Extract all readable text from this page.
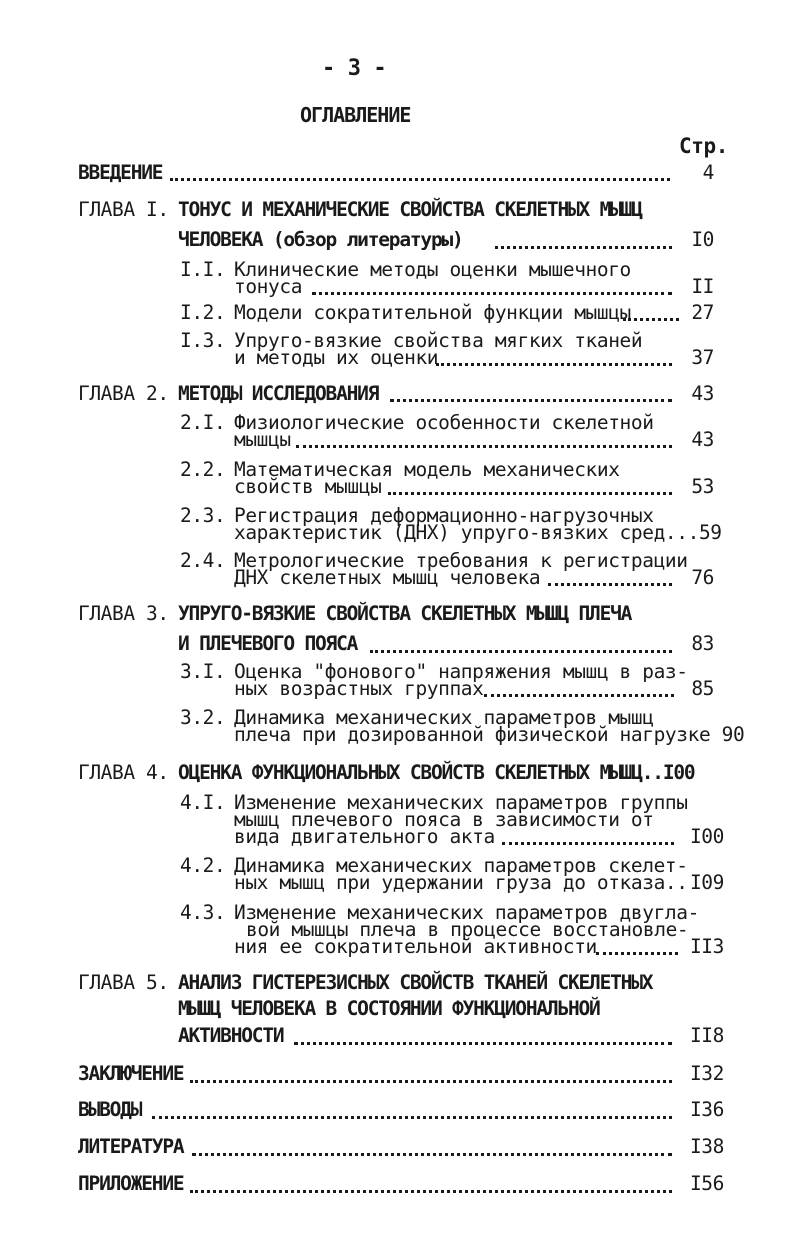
- 3 -
ОГЛАВЛЕНИЕ
Стр.
ВВЕДЕНИЕ	4
ГЛАВА I. ТОНУС И МЕХАНИЧЕСКИЕ СВОЙСТВА СКЕЛЕТНЫХ МЫШЦ
ЧЕЛОВЕКА (обзор литературы)	I0
I.I. Клинические методы оценки мышечного
тонуса	II
I.2. Модели сократительной функции мышцы	27
I.3. Упруго-вязкие свойства мягких тканей
и методы их оценки	37
ГЛАВА 2. МЕТОДЫ ИССЛЕДОВАНИЯ	43
2.I. Физиологические особенности скелетной
мышцы	43
2.2. Математическая модель механических
свойств мышцы	53
2.3. Регистрация деформационно-нагрузочных
характеристик (ДНХ) упруго-вязких сред...59
2.4. Метрологические требования к регистрации
ДНХ скелетных мышц человека	76
ГЛАВА 3. УПРУГО-ВЯЗКИЕ СВОЙСТВА СКЕЛЕТНЫХ МЫШЦ ПЛЕЧА
И ПЛЕЧЕВОГО ПОЯСА	83
3.I. Оценка "фонового" напряжения мышц в раз-
ных возрастных группах	85
3.2. Динамика механических параметров мышц
плеча при дозированной физической нагрузке 90
ГЛАВА 4. ОЦЕНКА ФУНКЦИОНАЛЬНЫХ СВОЙСТВ СКЕЛЕТНЫХ МЫШЦ..I00
4.I. Изменение механических параметров группы
мышц плечевого пояса в зависимости от
вида двигательного акта	I00
4.2. Динамика механических параметров скелет-
ных мышц при удержании груза до отказа.. I09
4.3. Изменение механических параметров двугла-
вой мышцы плеча в процессе восстановле-
ния ее сократительной активности	II3
ГЛАВА 5. АНАЛИЗ ГИСТЕРЕЗИСНЫХ СВОЙСТВ ТКАНЕЙ СКЕЛЕТНЫХ
МЫШЦ ЧЕЛОВЕКА В СОСТОЯНИИ ФУНКЦИОНАЛЬНОЙ
АКТИВНОСТИ	II8
ЗАКЛЮЧЕНИЕ	I32
ВЫВОДЫ	I36
ЛИТЕРАТУРА	I38
ПРИЛОЖЕНИЕ	I56
